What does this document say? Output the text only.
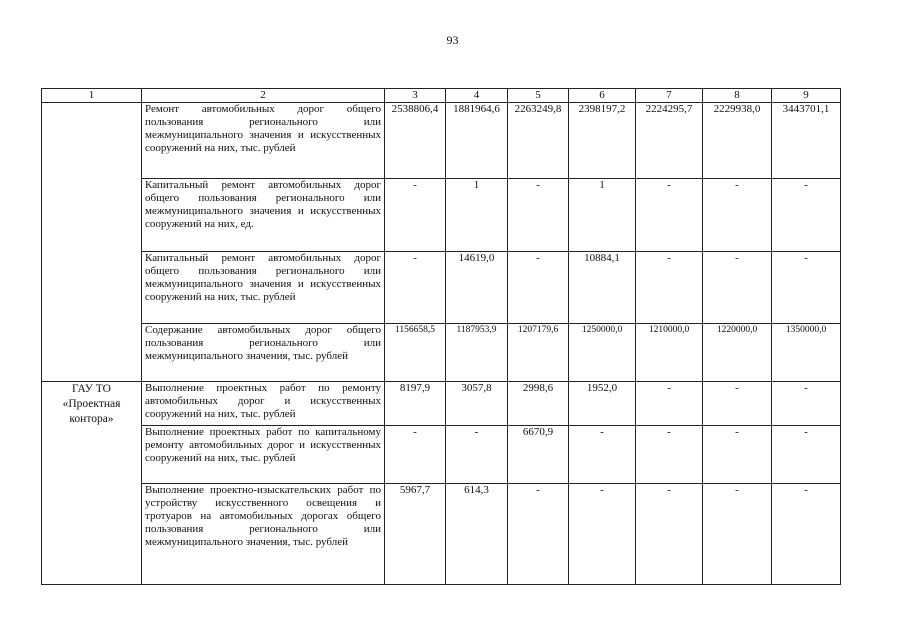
93
1	2	3	4	5	6	7	8	9
	Ремонт автомобильных дорог общего пользования регионального или межмуниципального значения и искусственных сооружений на них, тыс. рублей	2538806,4	1881964,6	2263249,8	2398197,2	2224295,7	2229938,0	3443701,1
	Капитальный ремонт автомобильных дорог общего пользования регионального или межмуниципального значения и искусственных сооружений на них, ед.	-	1	-	1	-	-	-
	Капитальный ремонт автомобильных дорог общего пользования регионального или межмуниципального значения и искусственных сооружений на них, тыс. рублей	-	14619,0	-	10884,1	-	-	-
	Содержание автомобильных дорог общего пользования регионального или межмуниципального значения, тыс. рублей	1156658,5	1187953,9	1207179,6	1250000,0	1210000,0	1220000,0	1350000,0
ГАУ ТО
«Проектная
контора»	Выполнение проектных работ по ремонту автомобильных дорог и искусственных сооружений на них, тыс. рублей	8197,9	3057,8	2998,6	1952,0	-	-	-
	Выполнение проектных работ по капитальному ремонту автомобильных дорог и искусственных сооружений на них, тыс. рублей	-	-	6670,9	-	-	-	-
	Выполнение проектно-изыскательских работ по устройству искусственного освещения и тротуаров на автомобильных дорогах общего пользования регионального или межмуниципального значения, тыс. рублей	5967,7	614,3	-	-	-	-	-
